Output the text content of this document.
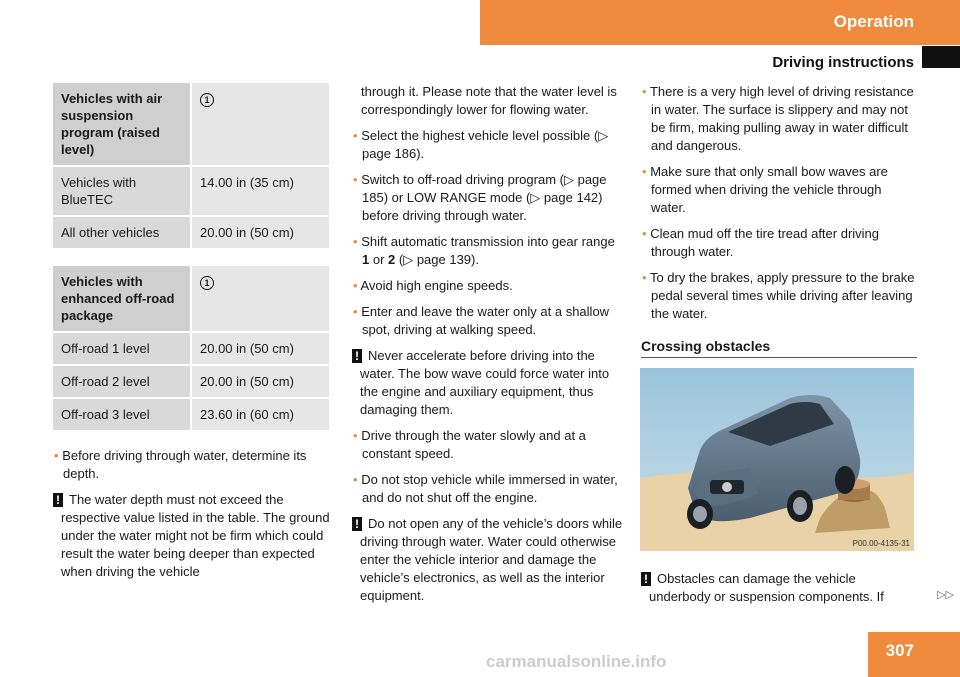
Operation
Driving instructions
Vehicles with air suspension program (raised level)	1
Vehicles with BlueTEC	14.00 in (35 cm)
All other vehicles	20.00 in (50 cm)
Vehicles with enhanced off-road package	1
Off-road 1 level	20.00 in (50 cm)
Off-road 2 level	20.00 in (50 cm)
Off-road 3 level	23.60 in (60 cm)

• Before driving through water, determine its depth.

! The water depth must not exceed the respective value listed in the table. The ground under the water might not be firm which could result the water being deeper than expected when driving the vehicle

through it. Please note that the water level is correspondingly lower for flowing water.

• Select the highest vehicle level possible (▷ page 186).

• Switch to off-road driving program (▷ page 185) or LOW RANGE mode (▷ page 142) before driving through water.

• Shift automatic transmission into gear range 1 or 2 (▷ page 139).

• Avoid high engine speeds.

• Enter and leave the water only at a shallow spot, driving at walking speed.

! Never accelerate before driving into the water. The bow wave could force water into the engine and auxiliary equipment, thus damaging them.

• Drive through the water slowly and at a constant speed.

• Do not stop vehicle while immersed in water, and do not shut off the engine.

! Do not open any of the vehicle’s doors while driving through water. Water could otherwise enter the vehicle interior and damage the vehicle’s electronics, as well as the interior equipment.

• There is a very high level of driving resistance in water. The surface is slippery and may not be firm, making pulling away in water difficult and dangerous.

• Make sure that only small bow waves are formed when driving the vehicle through water.

• Clean mud off the tire tread after driving through water.

• To dry the brakes, apply pressure to the brake pedal several times while driving after leaving the water.

Crossing obstacles
P00.00-4135-31

! Obstacles can damage the vehicle underbody or suspension components. If	▷▷
307
carmanualsonline.info
